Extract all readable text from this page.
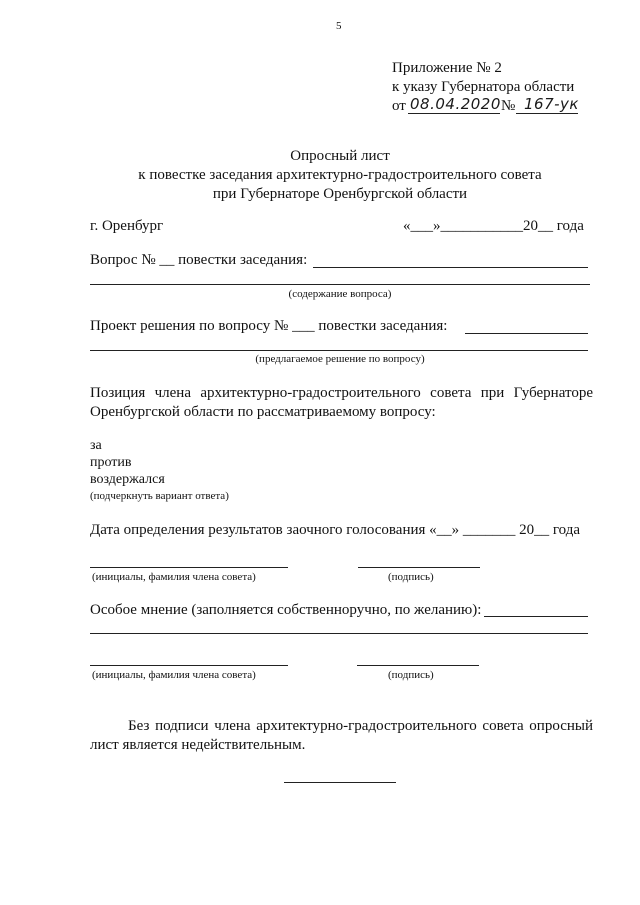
5
Приложение № 2
к указу Губернатора области
от 08.04.2020 № 167-ук
Опросный лист
к повестке заседания архитектурно-градостроительного совета
при Губернаторе Оренбургской области
г. Оренбург	«___»___________20__ года
Вопрос № __ повестки заседания:
(содержание вопроса)
Проект решения по вопросу № ___ повестки заседания:
(предлагаемое решение по вопросу)
Позиция члена архитектурно-градостроительного совета при Губернаторе Оренбургской области по рассматриваемому вопросу:
за
против
воздержался
(подчеркнуть вариант ответа)
Дата определения результатов заочного голосования «__» _______ 20__ года
(инициалы, фамилия члена совета)	(подпись)
Особое мнение (заполняется собственноручно, по желанию):
(инициалы, фамилия члена совета)	(подпись)
Без подписи члена архитектурно-градостроительного совета опросный лист является недействительным.
